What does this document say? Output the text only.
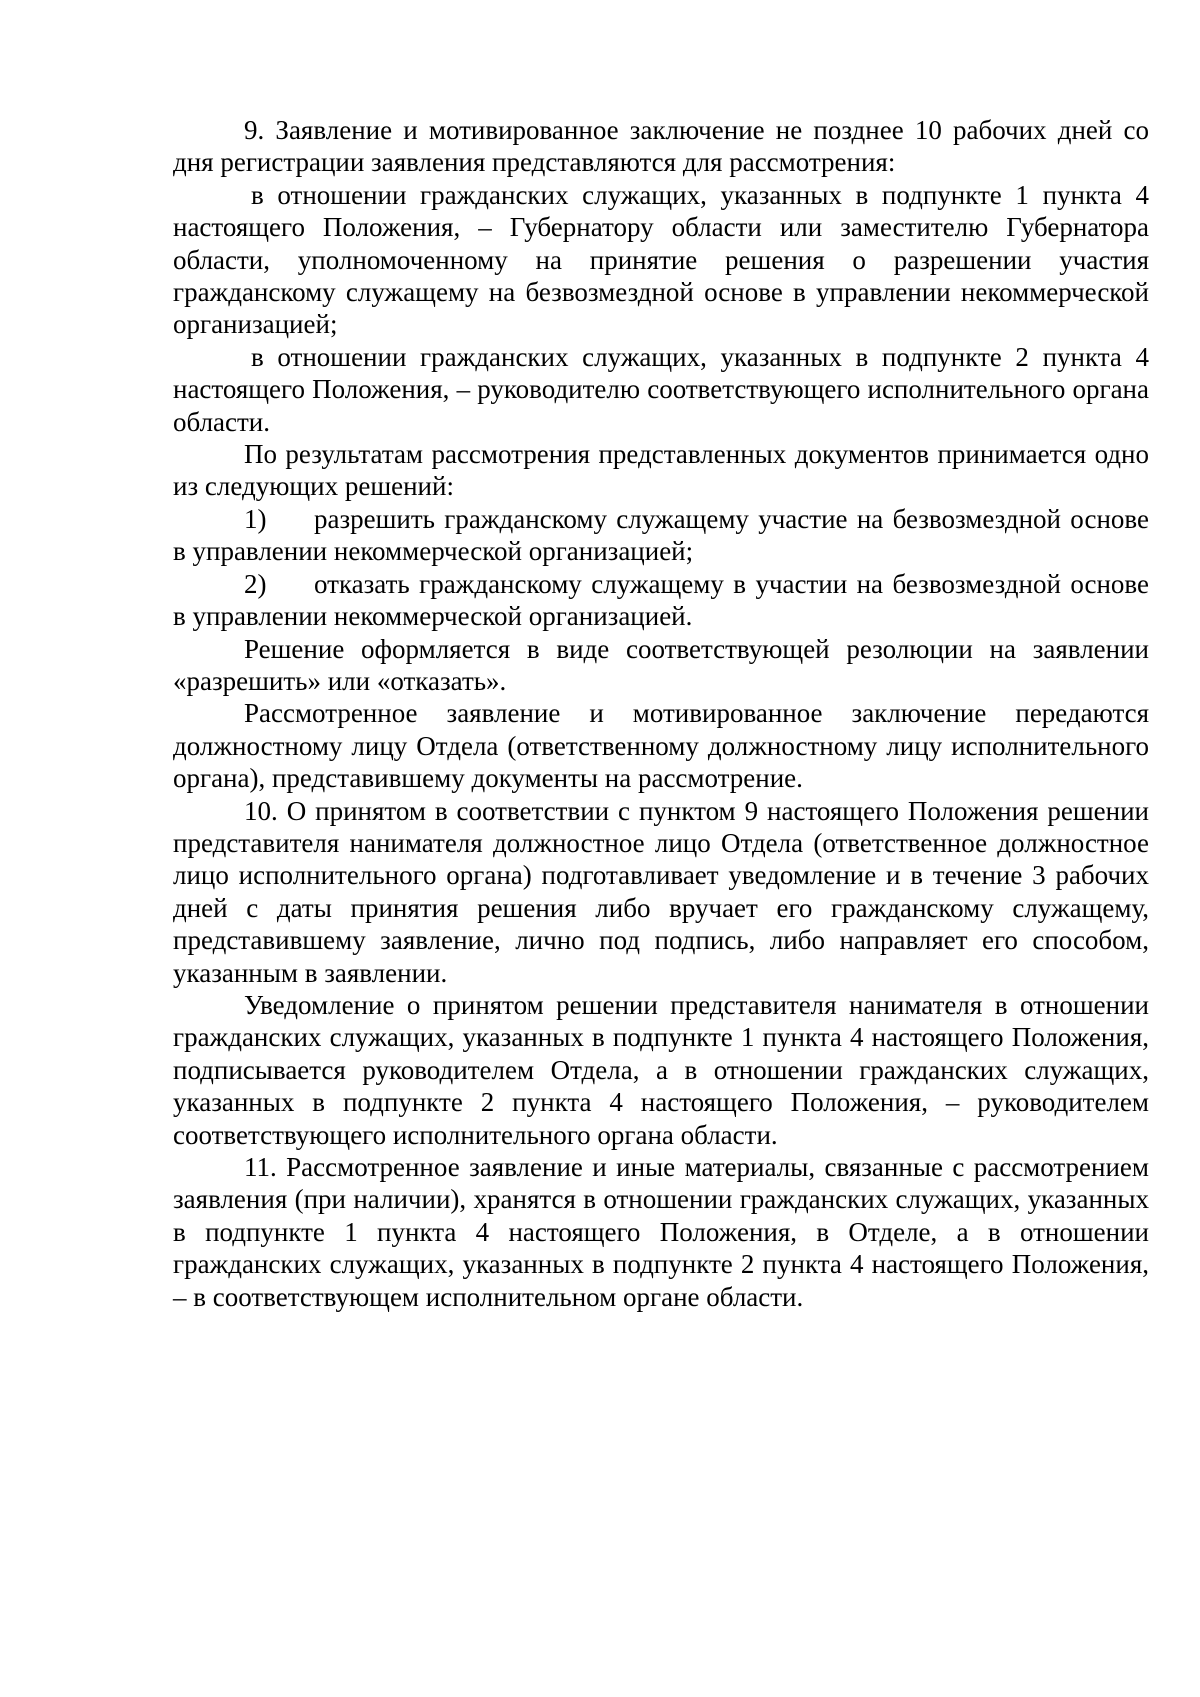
9. Заявление и мотивированное заключение не позднее 10 рабочих дней со дня регистрации заявления представляются для рассмотрения:

в отношении гражданских служащих, указанных в подпункте 1 пункта 4 настоящего Положения, – Губернатору области или заместителю Губернатора области, уполномоченному на принятие решения о разрешении участия гражданскому служащему на безвозмездной основе в управлении некоммерческой организацией;

в отношении гражданских служащих, указанных в подпункте 2 пункта 4 настоящего Положения, – руководителю соответствующего исполнительного органа области.

По результатам рассмотрения представленных документов принимается одно из следующих решений:

1) разрешить гражданскому служащему участие на безвозмездной основе в управлении некоммерческой организацией;

2) отказать гражданскому служащему в участии на безвозмездной основе в управлении некоммерческой организацией.

Решение оформляется в виде соответствующей резолюции на заявлении «разрешить» или «отказать».

Рассмотренное заявление и мотивированное заключение передаются должностному лицу Отдела (ответственному должностному лицу исполнительного органа), представившему документы на рассмотрение.

10. О принятом в соответствии с пунктом 9 настоящего Положения решении представителя нанимателя должностное лицо Отдела (ответственное должностное лицо исполнительного органа) подготавливает уведомление и в течение 3 рабочих дней с даты принятия решения либо вручает его гражданскому служащему, представившему заявление, лично под подпись, либо направляет его способом, указанным в заявлении.

Уведомление о принятом решении представителя нанимателя в отношении гражданских служащих, указанных в подпункте 1 пункта 4 настоящего Положения, подписывается руководителем Отдела, а в отношении гражданских служащих, указанных в подпункте 2 пункта 4 настоящего Положения, – руководителем соответствующего исполнительного органа области.

11. Рассмотренное заявление и иные материалы, связанные с рассмотрением заявления (при наличии), хранятся в отношении гражданских служащих, указанных в подпункте 1 пункта 4 настоящего Положения, в Отделе, а в отношении гражданских служащих, указанных в подпункте 2 пункта 4 настоящего Положения, – в соответствующем исполнительном органе области.
